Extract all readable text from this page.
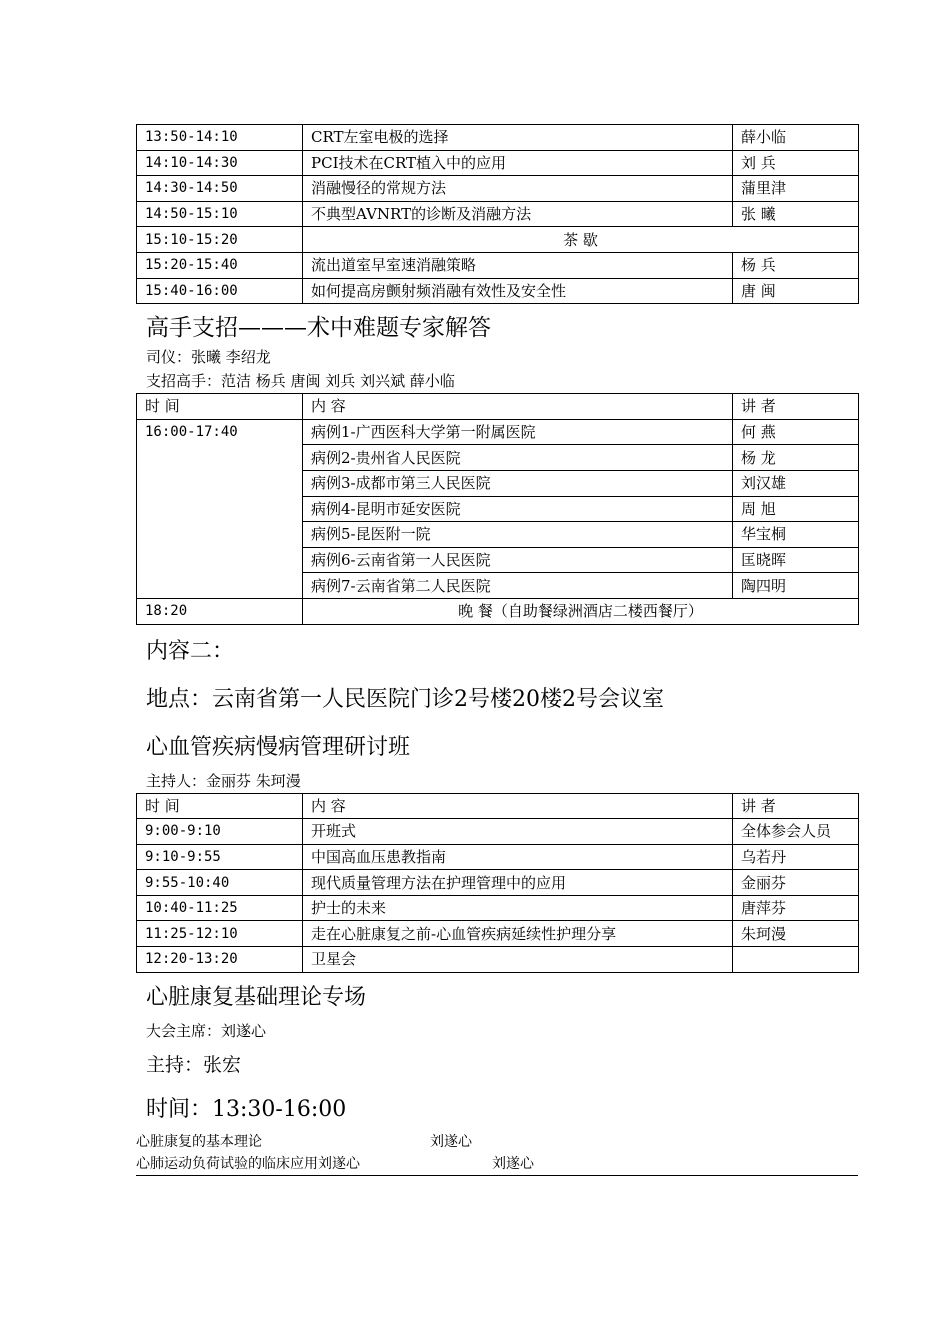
13:50-14:10	CRT左室电极的选择	薛小临
14:10-14:30	PCI技术在CRT植入中的应用	刘 兵
14:30-14:50	消融慢径的常规方法	蒲里津
14:50-15:10	不典型AVNRT的诊断及消融方法	张 曦
15:10-15:20	茶 歇	
15:20-15:40	流出道室早室速消融策略	杨 兵
15:40-16:00	如何提高房颤射频消融有效性及安全性	唐 闽
高手支招———术中难题专家解答

司仪：张曦 李绍龙

支招高手：范洁 杨兵 唐闽 刘兵 刘兴斌 薛小临

时 间	内 容	讲 者
16:00-17:40	病例1-广西医科大学第一附属医院	何 燕
	病例2-贵州省人民医院	杨 龙
	病例3-成都市第三人民医院	刘汉雄
	病例4-昆明市延安医院	周 旭
	病例5-昆医附一院	华宝桐
	病例6-云南省第一人民医院	匡晓晖
	病例7-云南省第二人民医院	陶四明
18:20	晚 餐（自助餐绿洲酒店二楼西餐厅）	
内容二：
地点：云南省第一人民医院门诊2号楼20楼2号会议室
心血管疾病慢病管理研讨班

主持人：金丽芬 朱珂漫

时 间	内 容	讲 者
9:00-9:10	开班式	全体参会人员
9:10-9:55	中国高血压患教指南	乌若丹
9:55-10:40	现代质量管理方法在护理管理中的应用	金丽芬
10:40-11:25	护士的未来	唐萍芬
11:25-12:10	走在心脏康复之前-心血管疾病延续性护理分享	朱珂漫
12:20-13:20	卫星会	
心脏康复基础理论专场

大会主席：刘遂心

主持：张宏

时间：13:30-16:00
心脏康复的基本理论	刘遂心
心肺运动负荷试验的临床应用刘遂心	刘遂心
